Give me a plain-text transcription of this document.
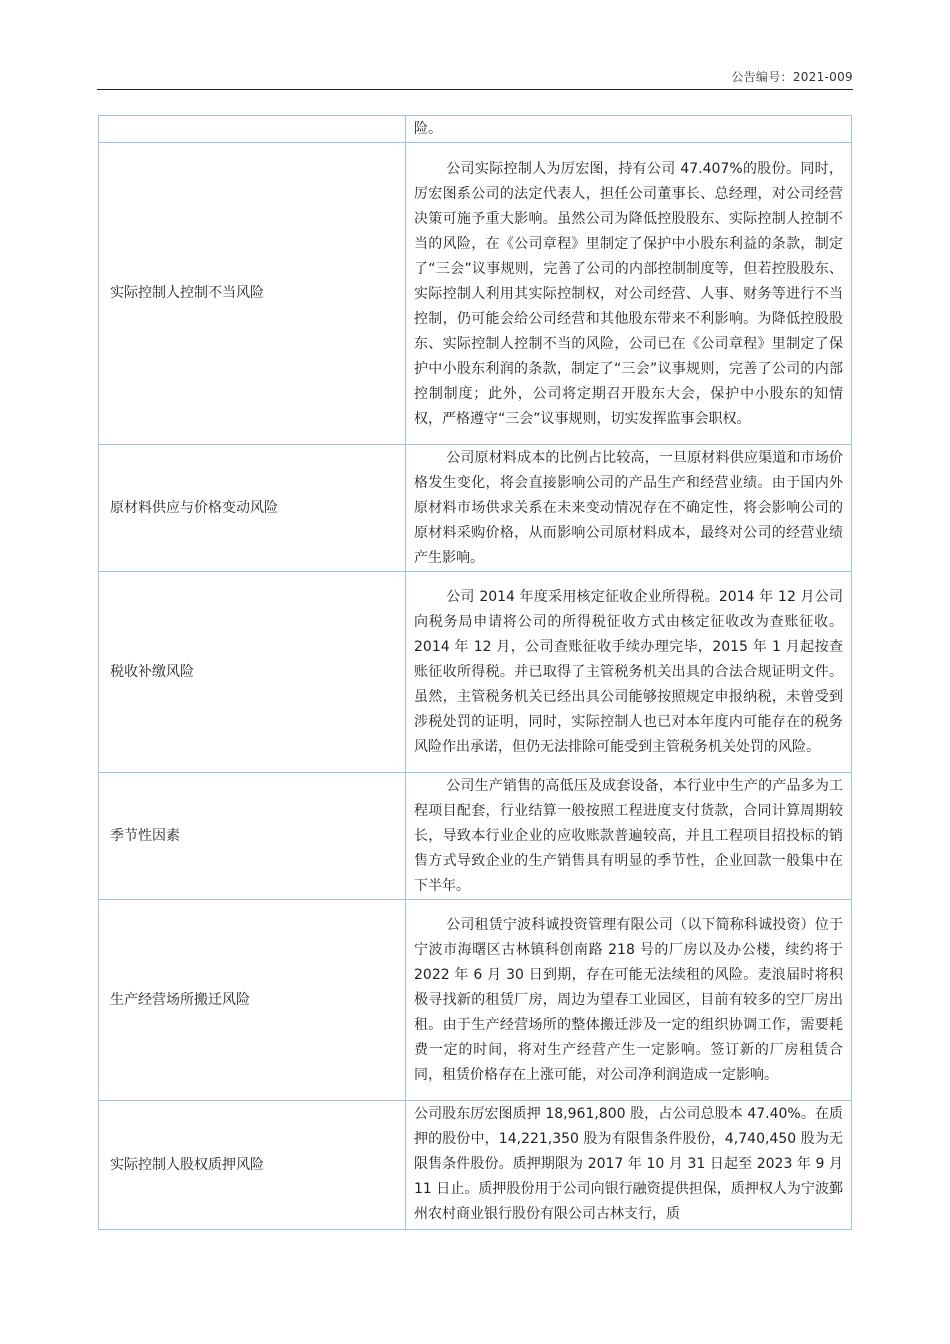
公告编号：2021-009

	险。

实际控制人控制不当风险	公司实际控制人为厉宏图，持有公司 47.407%的股份。同时，厉宏图系公司的法定代表人，担任公司董事长、总经理，对公司经营决策可施予重大影响。虽然公司为降低控股股东、实际控制人控制不当的风险，在《公司章程》里制定了保护中小股东利益的条款，制定了“三会”议事规则，完善了公司的内部控制制度等，但若控股股东、实际控制人利用其实际控制权，对公司经营、人事、财务等进行不当控制，仍可能会给公司经营和其他股东带来不利影响。为降低控股股东、实际控制人控制不当的风险，公司已在《公司章程》里制定了保护中小股东利润的条款，制定了“三会”议事规则，完善了公司的内部控制制度；此外，公司将定期召开股东大会，保护中小股东的知情权，严格遵守“三会”议事规则，切实发挥监事会职权。

原材料供应与价格变动风险	公司原材料成本的比例占比较高，一旦原材料供应渠道和市场价格发生变化，将会直接影响公司的产品生产和经营业绩。由于国内外原材料市场供求关系在未来变动情况存在不确定性，将会影响公司的原材料采购价格，从而影响公司原材料成本，最终对公司的经营业绩产生影响。

税收补缴风险	公司 2014 年度采用核定征收企业所得税。2014 年 12 月公司向税务局申请将公司的所得税征收方式由核定征收改为查账征收。2014 年 12 月，公司查账征收手续办理完毕，2015 年 1 月起按查账征收所得税。并已取得了主管税务机关出具的合法合规证明文件。虽然，主管税务机关已经出具公司能够按照规定申报纳税，未曾受到涉税处罚的证明，同时，实际控制人也已对本年度内可能存在的税务风险作出承诺，但仍无法排除可能受到主管税务机关处罚的风险。

季节性因素	公司生产销售的高低压及成套设备，本行业中生产的产品多为工程项目配套，行业结算一般按照工程进度支付货款，合同计算周期较长，导致本行业企业的应收账款普遍较高，并且工程项目招投标的销售方式导致企业的生产销售具有明显的季节性，企业回款一般集中在下半年。

生产经营场所搬迁风险	公司租赁宁波科诚投资管理有限公司（以下简称科诚投资）位于宁波市海曙区古林镇科创南路 218 号的厂房以及办公楼，续约将于 2022 年 6 月 30 日到期，存在可能无法续租的风险。麦浪届时将积极寻找新的租赁厂房，周边为望春工业园区，目前有较多的空厂房出租。由于生产经营场所的整体搬迁涉及一定的组织协调工作，需要耗费一定的时间，将对生产经营产生一定影响。签订新的厂房租赁合同，租赁价格存在上涨可能，对公司净利润造成一定影响。

实际控制人股权质押风险	公司股东厉宏图质押 18,961,800 股，占公司总股本 47.40%。在质押的股份中，14,221,350 股为有限售条件股份，4,740,450 股为无限售条件股份。质押期限为 2017 年 10 月 31 日起至 2023 年 9 月 11 日止。质押股份用于公司向银行融资提供担保，质押权人为宁波鄞州农村商业银行股份有限公司古林支行，质
